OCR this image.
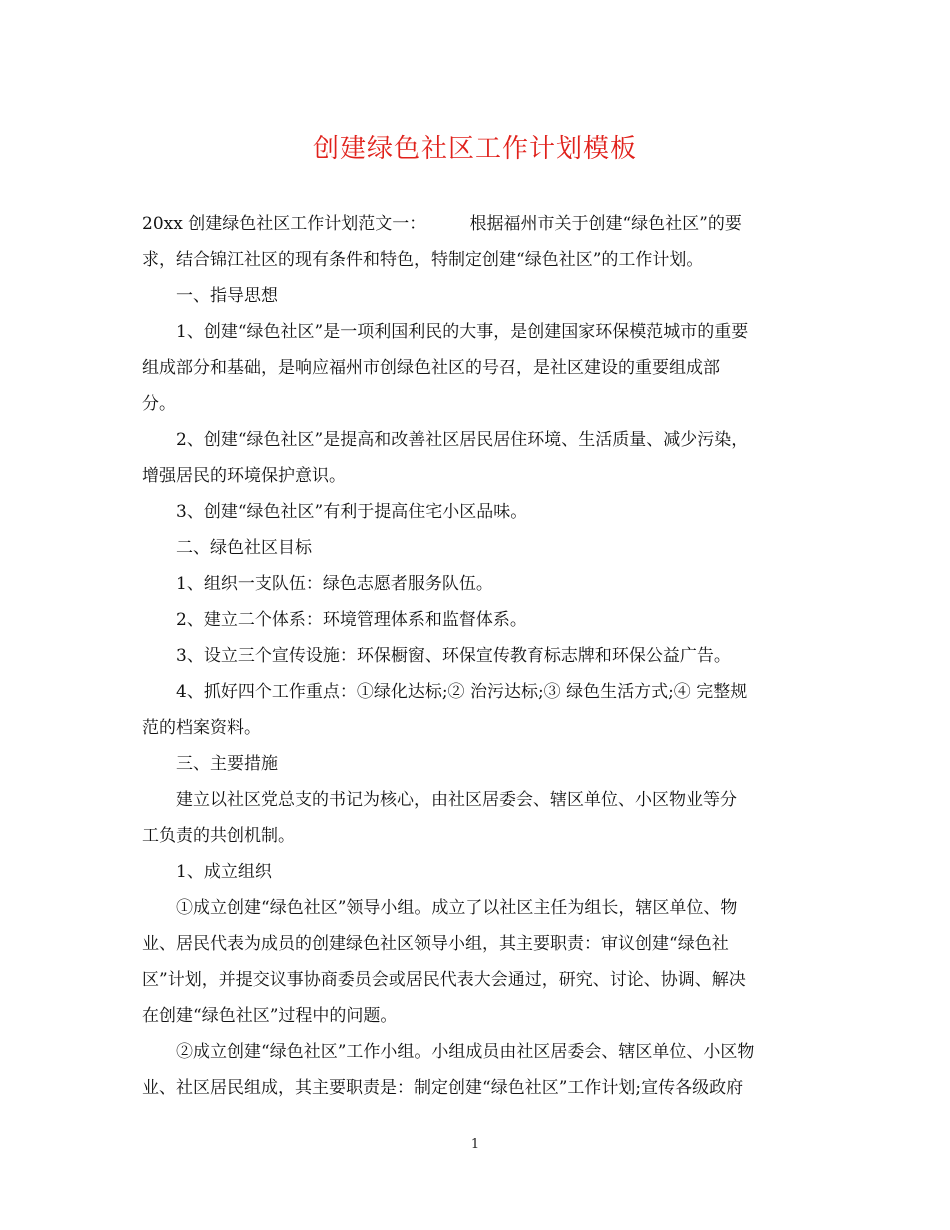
创建绿色社区工作计划模板
20xx 创建绿色社区工作计划范文一：        根据福州市关于创建“绿色社区”的要
求，结合锦江社区的现有条件和特色，特制定创建“绿色社区”的工作计划。
一、指导思想
1、创建“绿色社区”是一项利国利民的大事，是创建国家环保模范城市的重要
组成部分和基础，是响应福州市创绿色社区的号召，是社区建设的重要组成部
分。
2、创建“绿色社区”是提高和改善社区居民居住环境、生活质量、减少污染，
增强居民的环境保护意识。
3、创建“绿色社区”有利于提高住宅小区品味。
二、绿色社区目标
1、组织一支队伍：绿色志愿者服务队伍。
2、建立二个体系：环境管理体系和监督体系。
3、设立三个宣传设施：环保橱窗、环保宣传教育标志牌和环保公益广告。
4、抓好四个工作重点：①绿化达标;② 治污达标;③ 绿色生活方式;④ 完整规
范的档案资料。
三、主要措施
建立以社区党总支的书记为核心，由社区居委会、辖区单位、小区物业等分
工负责的共创机制。
1、成立组织
①成立创建“绿色社区”领导小组。成立了以社区主任为组长，辖区单位、物
业、居民代表为成员的创建绿色社区领导小组，其主要职责：审议创建“绿色社
区”计划，并提交议事协商委员会或居民代表大会通过，研究、讨论、协调、解决
在创建“绿色社区”过程中的问题。
②成立创建“绿色社区”工作小组。小组成员由社区居委会、辖区单位、小区物
业、社区居民组成，其主要职责是：制定创建“绿色社区”工作计划;宣传各级政府
1
